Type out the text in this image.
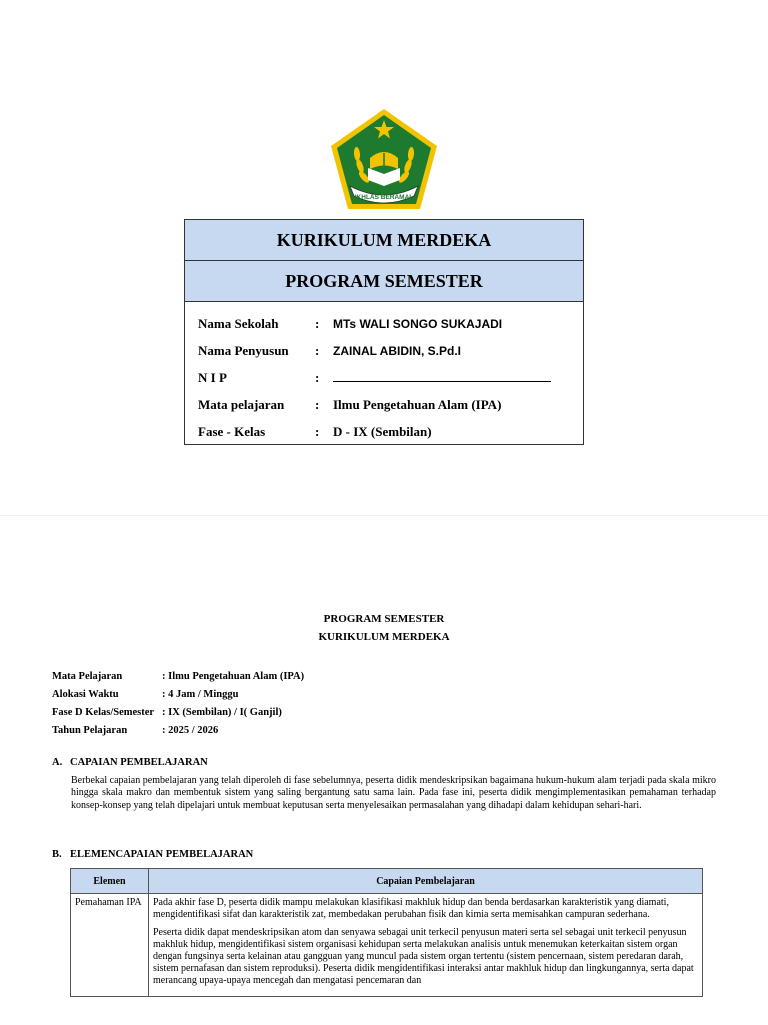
IKHLAS BERAMAL
KURIKULUM MERDEKA
PROGRAM SEMESTER
Nama Sekolah	:	MTs WALI SONGO SUKAJADI
Nama Penyusun	:	ZAINAL ABIDIN, S.Pd.I
N I P	:
Mata pelajaran	:	Ilmu Pengetahuan Alam (IPA)
Fase - Kelas	:	D - IX (Sembilan)
PROGRAM SEMESTER
KURIKULUM MERDEKA
Mata Pelajaran	: Ilmu Pengetahuan Alam (IPA)
Alokasi Waktu	: 4 Jam / Minggu
Fase D Kelas/Semester : IX (Sembilan) / I( Ganjil)
Tahun Pelajaran	: 2025 / 2026
A. CAPAIAN PEMBELAJARAN
Berbekal capaian pembelajaran yang telah diperoleh di fase sebelumnya, peserta didik mendeskripsikan bagaimana hukum-hukum alam terjadi pada skala mikro hingga skala makro dan membentuk sistem yang saling bergantung satu sama lain. Pada fase ini, peserta didik mengimplementasikan pemahaman terhadap konsep-konsep yang telah dipelajari untuk membuat keputusan serta menyelesaikan permasalahan yang dihadapi dalam kehidupan sehari-hari.
B. ELEMENCAPAIAN PEMBELAJARAN
Elemen	Capaian Pembelajaran
Pemahaman IPA	Pada akhir fase D, peserta didik mampu melakukan klasifikasi makhluk hidup dan benda berdasarkan karakteristik yang diamati, mengidentifikasi sifat dan karakteristik zat, membedakan perubahan fisik dan kimia serta memisahkan campuran sederhana.

Peserta didik dapat mendeskripsikan atom dan senyawa sebagai unit terkecil penyusun materi serta sel sebagai unit terkecil penyusun makhluk hidup, mengidentifikasi sistem organisasi kehidupan serta melakukan analisis untuk menemukan keterkaitan sistem organ dengan fungsinya serta kelainan atau gangguan yang muncul pada sistem organ tertentu (sistem pencernaan, sistem peredaran darah, sistem pernafasan dan sistem reproduksi). Peserta didik mengidentifikasi interaksi antar makhluk hidup dan lingkungannya, serta dapat merancang upaya-upaya mencegah dan mengatasi pencemaran dan
